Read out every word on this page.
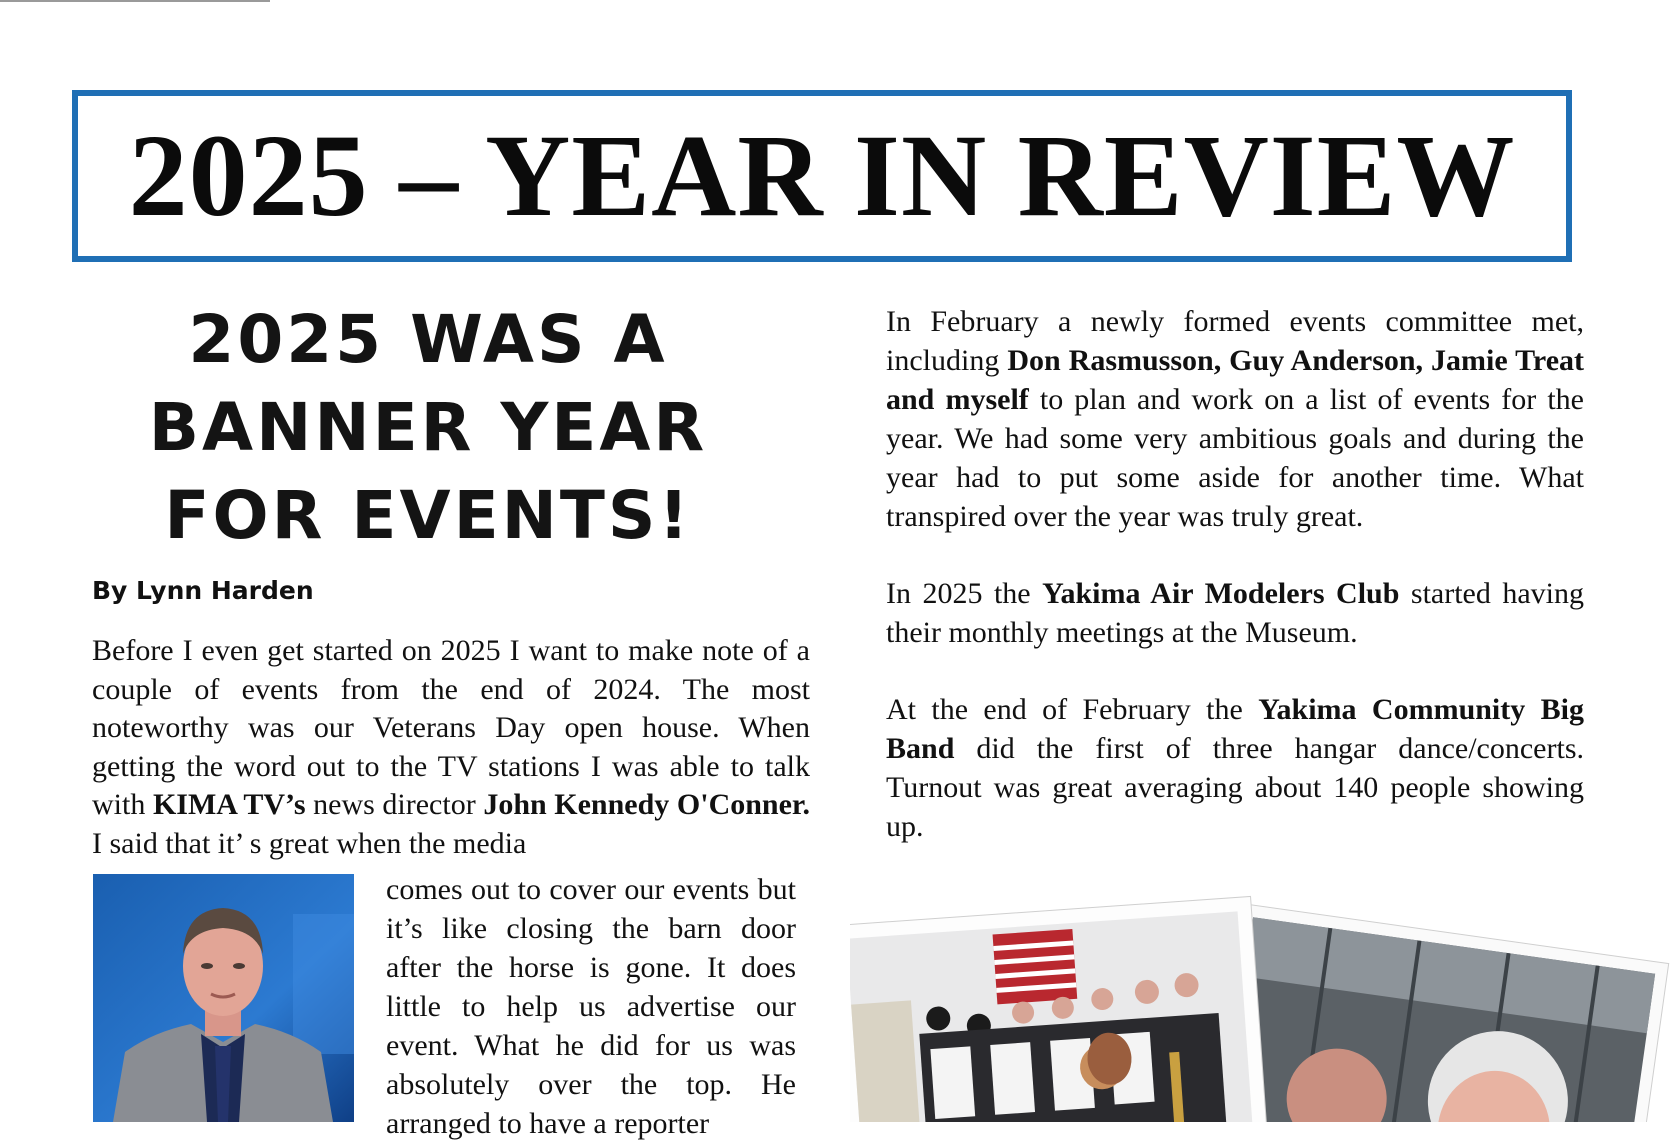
2025 – YEAR IN REVIEW
2025 WAS A
BANNER YEAR
FOR EVENTS!
By Lynn Harden

Before I even get started on 2025 I want to make note of a couple of events from the end of 2024. The most noteworthy was our Veterans Day open house. When getting the word out to the TV stations I was able to talk with KIMA TV’s news director John Kennedy O'Conner. I said that it’ s great when the media

comes out to cover our events but it’s like closing the barn door after the horse is gone. It does little to help us advertise our event. What he did for us was absolutely over the top. He arranged to have a reporter

In February a newly formed events committee met, including Don Rasmusson, Guy Anderson, Jamie Treat and myself to plan and work on a list of events for the year. We had some very ambitious goals and during the year had to put some aside for another time. What transpired over the year was truly great.

In 2025 the Yakima Air Modelers Club started having their monthly meetings at the Museum.

At the end of February the Yakima Community Big Band did the first of three hangar dance/concerts. Turnout was great averaging about 140 people showing up.
